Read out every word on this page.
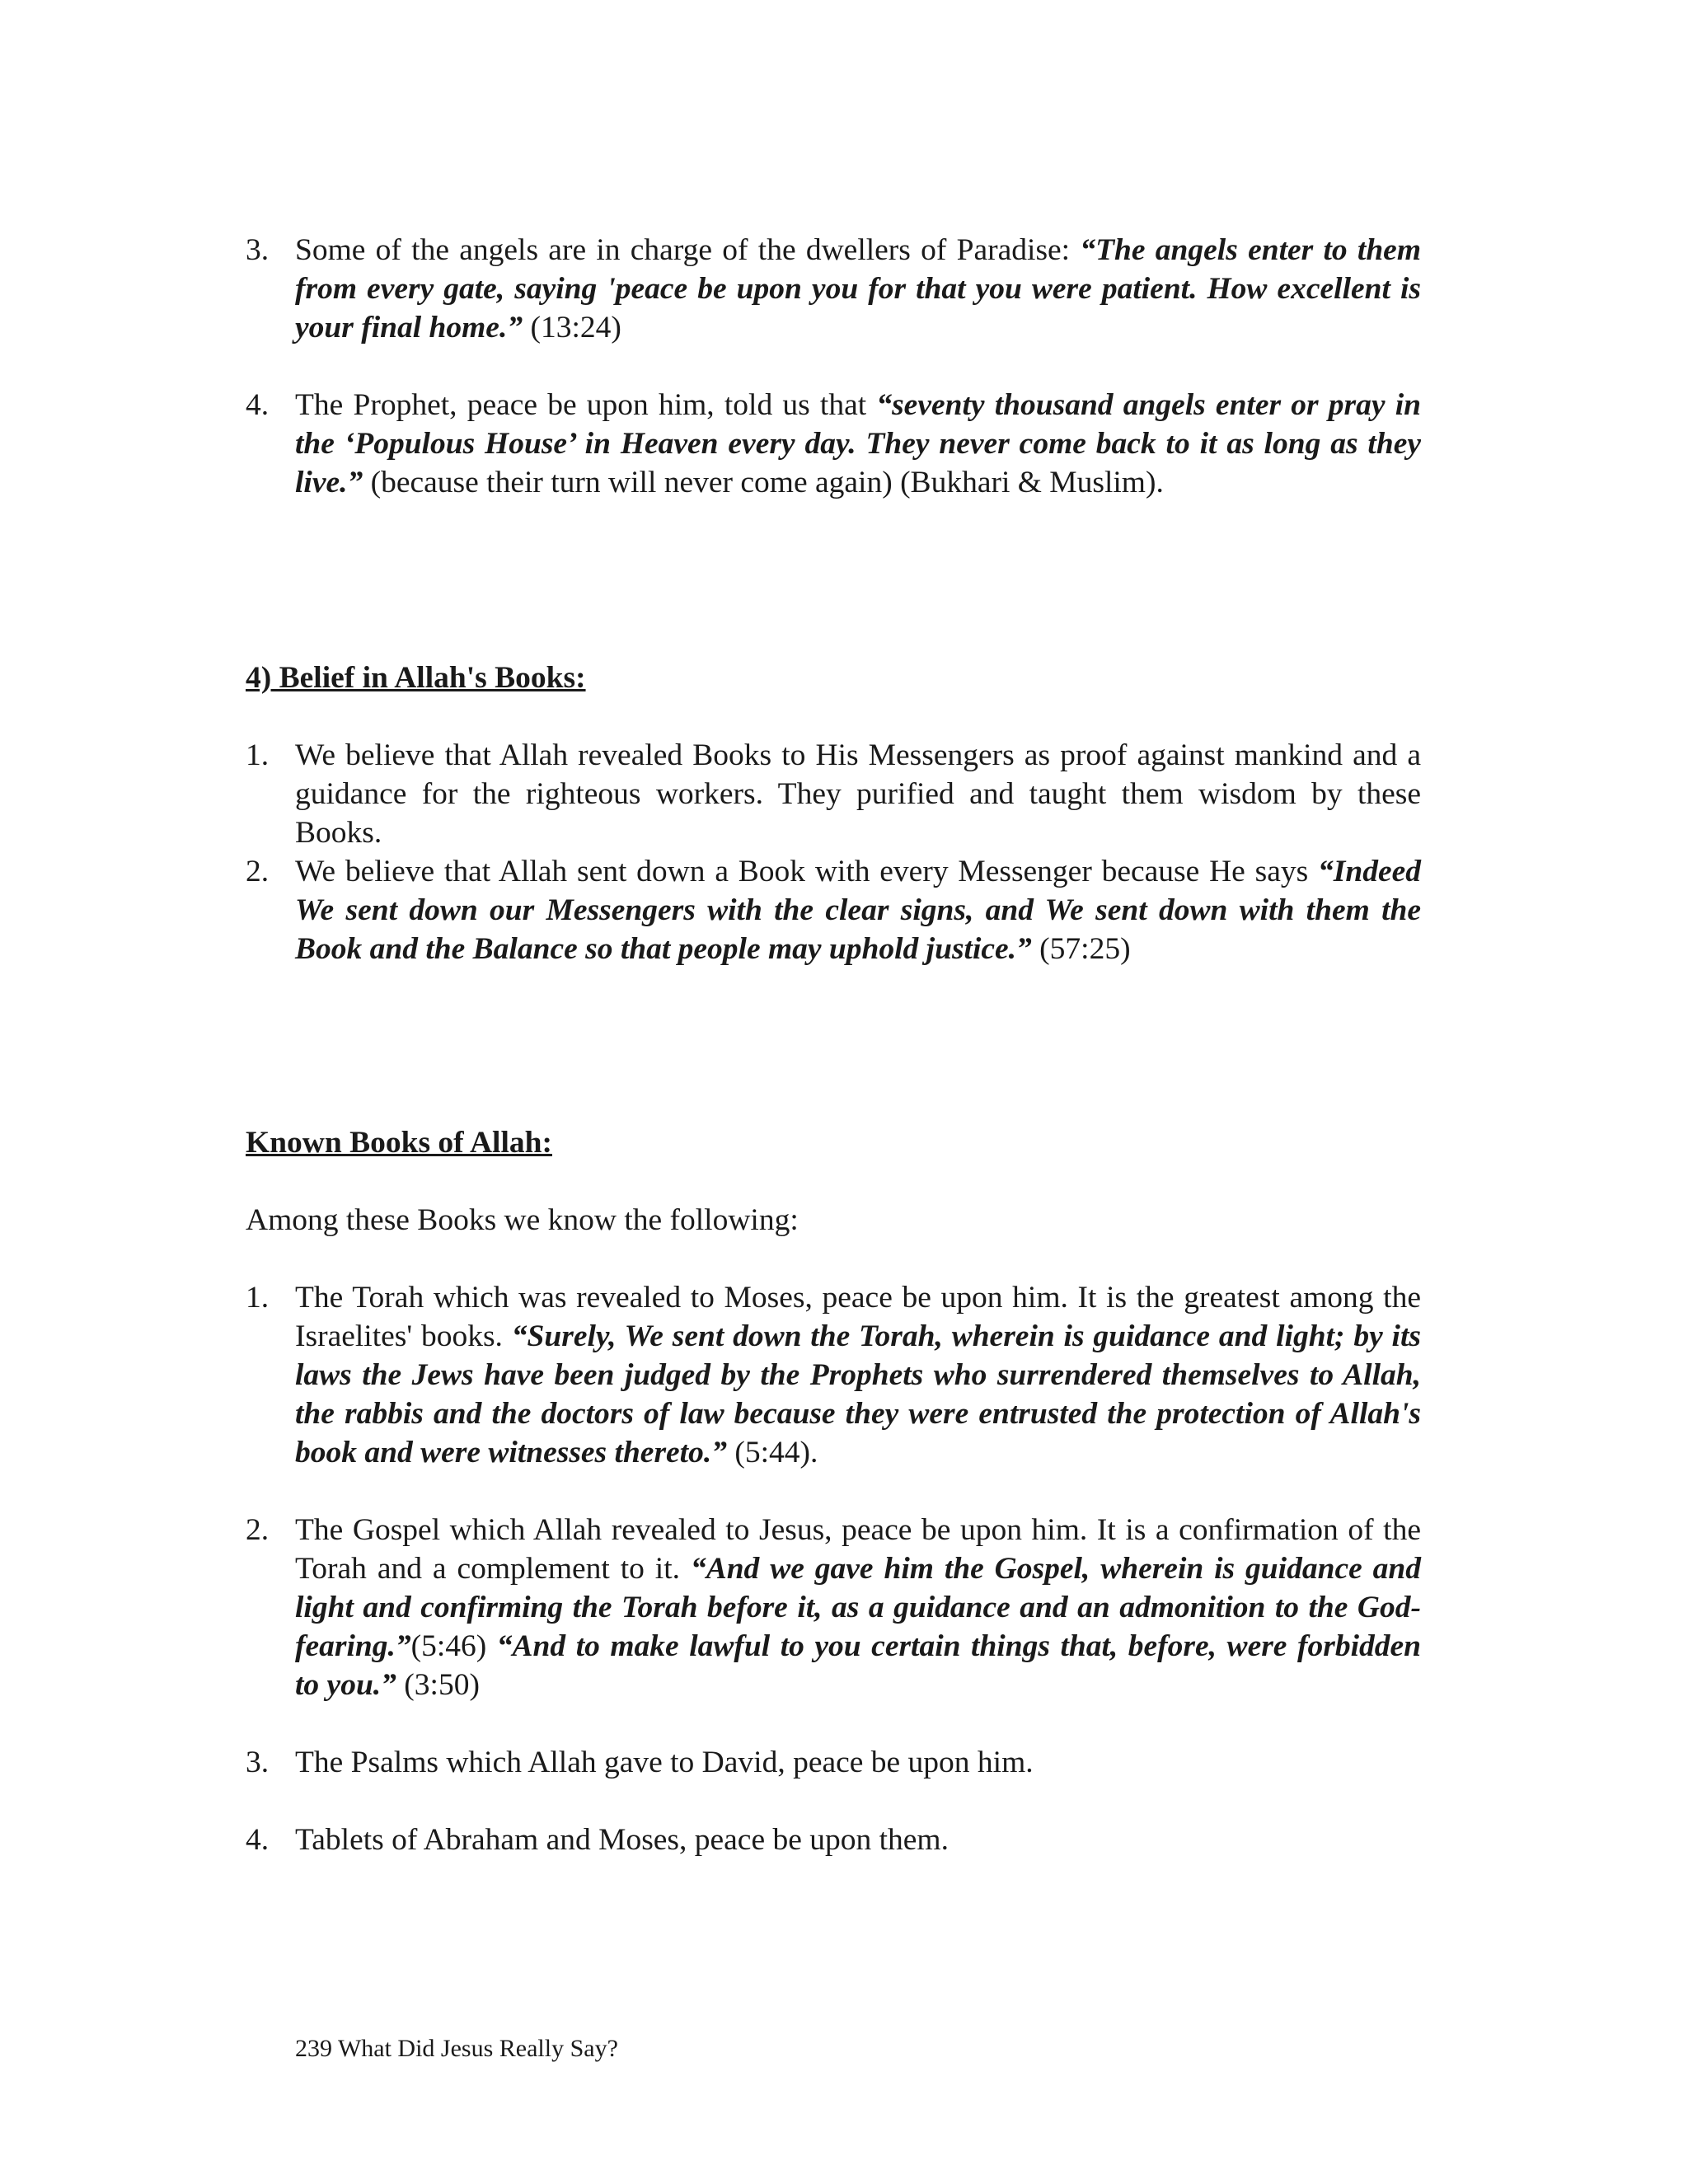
3. Some of the angels are in charge of the dwellers of Paradise: “The angels enter to them from every gate, saying 'peace be upon you for that you were patient. How excellent is your final home.” (13:24)
4. The Prophet, peace be upon him, told us that “seventy thousand angels enter or pray in the ‘Populous House’ in Heaven every day. They never come back to it as long as they live.” (because their turn will never come again) (Bukhari & Muslim).
4) Belief in Allah's Books:
1. We believe that Allah revealed Books to His Messengers as proof against mankind and a guidance for the righteous workers. They purified and taught them wisdom by these Books.
2. We believe that Allah sent down a Book with every Messenger because He says “Indeed We sent down our Messengers with the clear signs, and We sent down with them the Book and the Balance so that people may uphold justice.” (57:25)
Known Books of Allah:

Among these Books we know the following:

1. The Torah which was revealed to Moses, peace be upon him. It is the greatest among the Israelites' books. “Surely, We sent down the Torah, wherein is guidance and light; by its laws the Jews have been judged by the Prophets who surrendered themselves to Allah, the rabbis and the doctors of law because they were entrusted the protection of Allah's book and were witnesses thereto.” (5:44).
2. The Gospel which Allah revealed to Jesus, peace be upon him. It is a confirmation of the Torah and a complement to it. “And we gave him the Gospel, wherein is guidance and light and confirming the Torah before it, as a guidance and an admonition to the God-fearing.”(5:46) “And to make lawful to you certain things that, before, were forbidden to you.” (3:50)
3. The Psalms which Allah gave to David, peace be upon him.
4. Tablets of Abraham and Moses, peace be upon them.
239 What Did Jesus Really Say?
